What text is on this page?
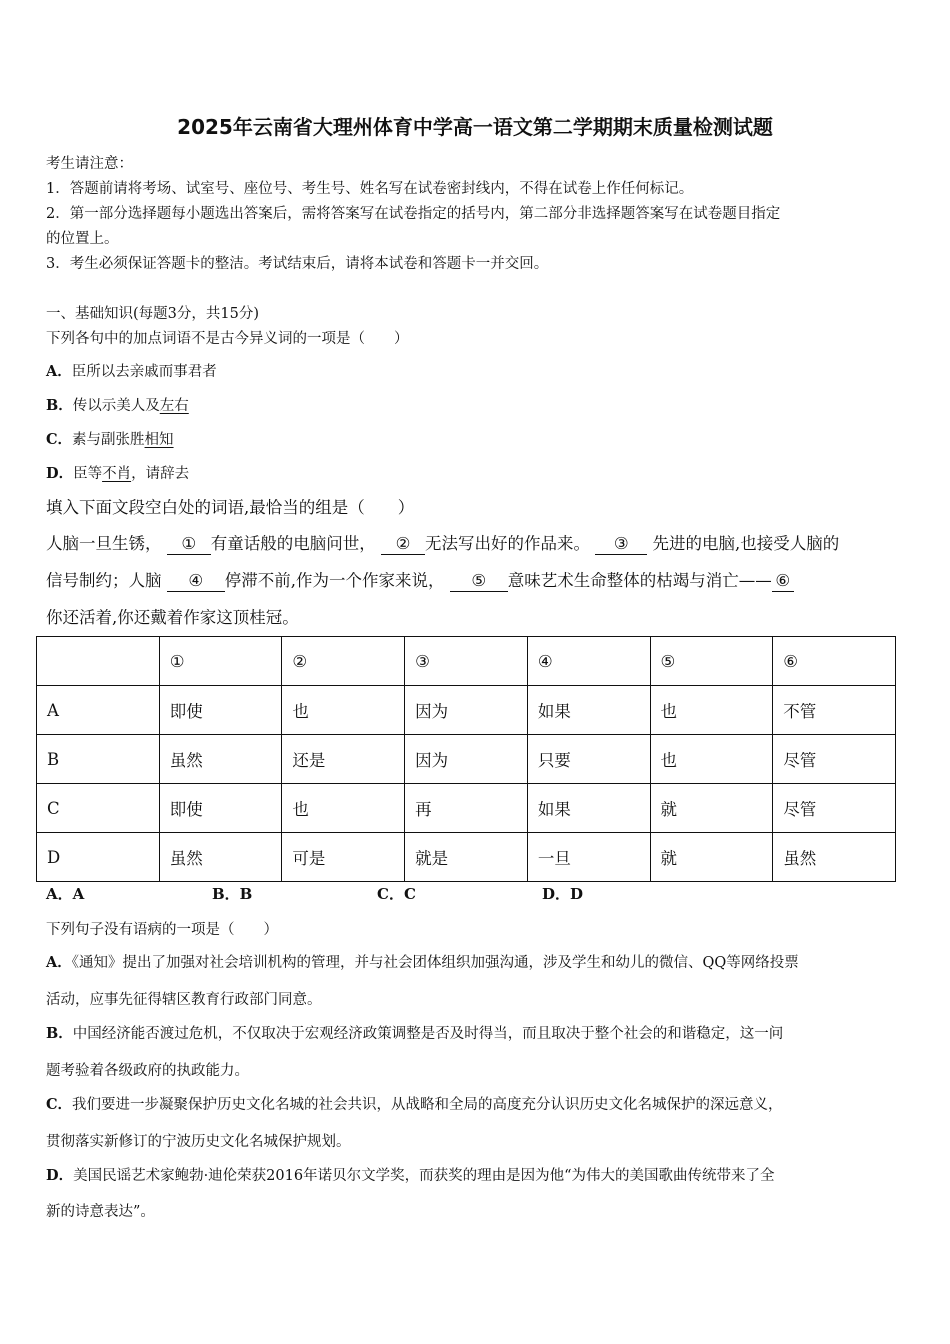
2025年云南省大理州体育中学高一语文第二学期期末质量检测试题
考生请注意：
1．答题前请将考场、试室号、座位号、考生号、姓名写在试卷密封线内，不得在试卷上作任何标记。
2．第一部分选择题每小题选出答案后，需将答案写在试卷指定的括号内，第二部分非选择题答案写在试卷题目指定
的位置上。
3．考生必须保证答题卡的整洁。考试结束后，请将本试卷和答题卡一并交回。
一、基础知识(每题3分，共15分)
下列各句中的加点词语不是古今异义词的一项是（　　）
A．臣所以去亲戚而事君者
B．传以示美人及左右
C．素与副张胜相知
D．臣等不肖，请辞去
填入下面文段空白处的词语,最恰当的组是（　　）
人脑一旦生锈， ① 有童话般的电脑问世， ② 无法写出好的作品来。 ③ 先进的电脑,也接受人脑的
信号制约；人脑 ④ 停滞不前,作为一个作家来说， ⑤ 意味艺术生命整体的枯竭与消亡—— ⑥
你还活着,你还戴着作家这顶桂冠。
	①	②	③	④	⑤	⑥
A	即使	也	因为	如果	也	不管
B	虽然	还是	因为	只要	也	尽管
C	即使	也	再	如果	就	尽管
D	虽然	可是	就是	一旦	就	虽然
A．A	B．B	C．C	D．D
下列句子没有语病的一项是（　　）
A．《通知》提出了加强对社会培训机构的管理，并与社会团体组织加强沟通，涉及学生和幼儿的微信、QQ等网络投票
活动，应事先征得辖区教育行政部门同意。
B．中国经济能否渡过危机，不仅取决于宏观经济政策调整是否及时得当，而且取决于整个社会的和谐稳定，这一问
题考验着各级政府的执政能力。
C．我们要进一步凝聚保护历史文化名城的社会共识，从战略和全局的高度充分认识历史文化名城保护的深远意义，
贯彻落实新修订的宁波历史文化名城保护规划。
D．美国民谣艺术家鲍勃·迪伦荣获2016年诺贝尔文学奖，而获奖的理由是因为他“为伟大的美国歌曲传统带来了全
新的诗意表达”。
